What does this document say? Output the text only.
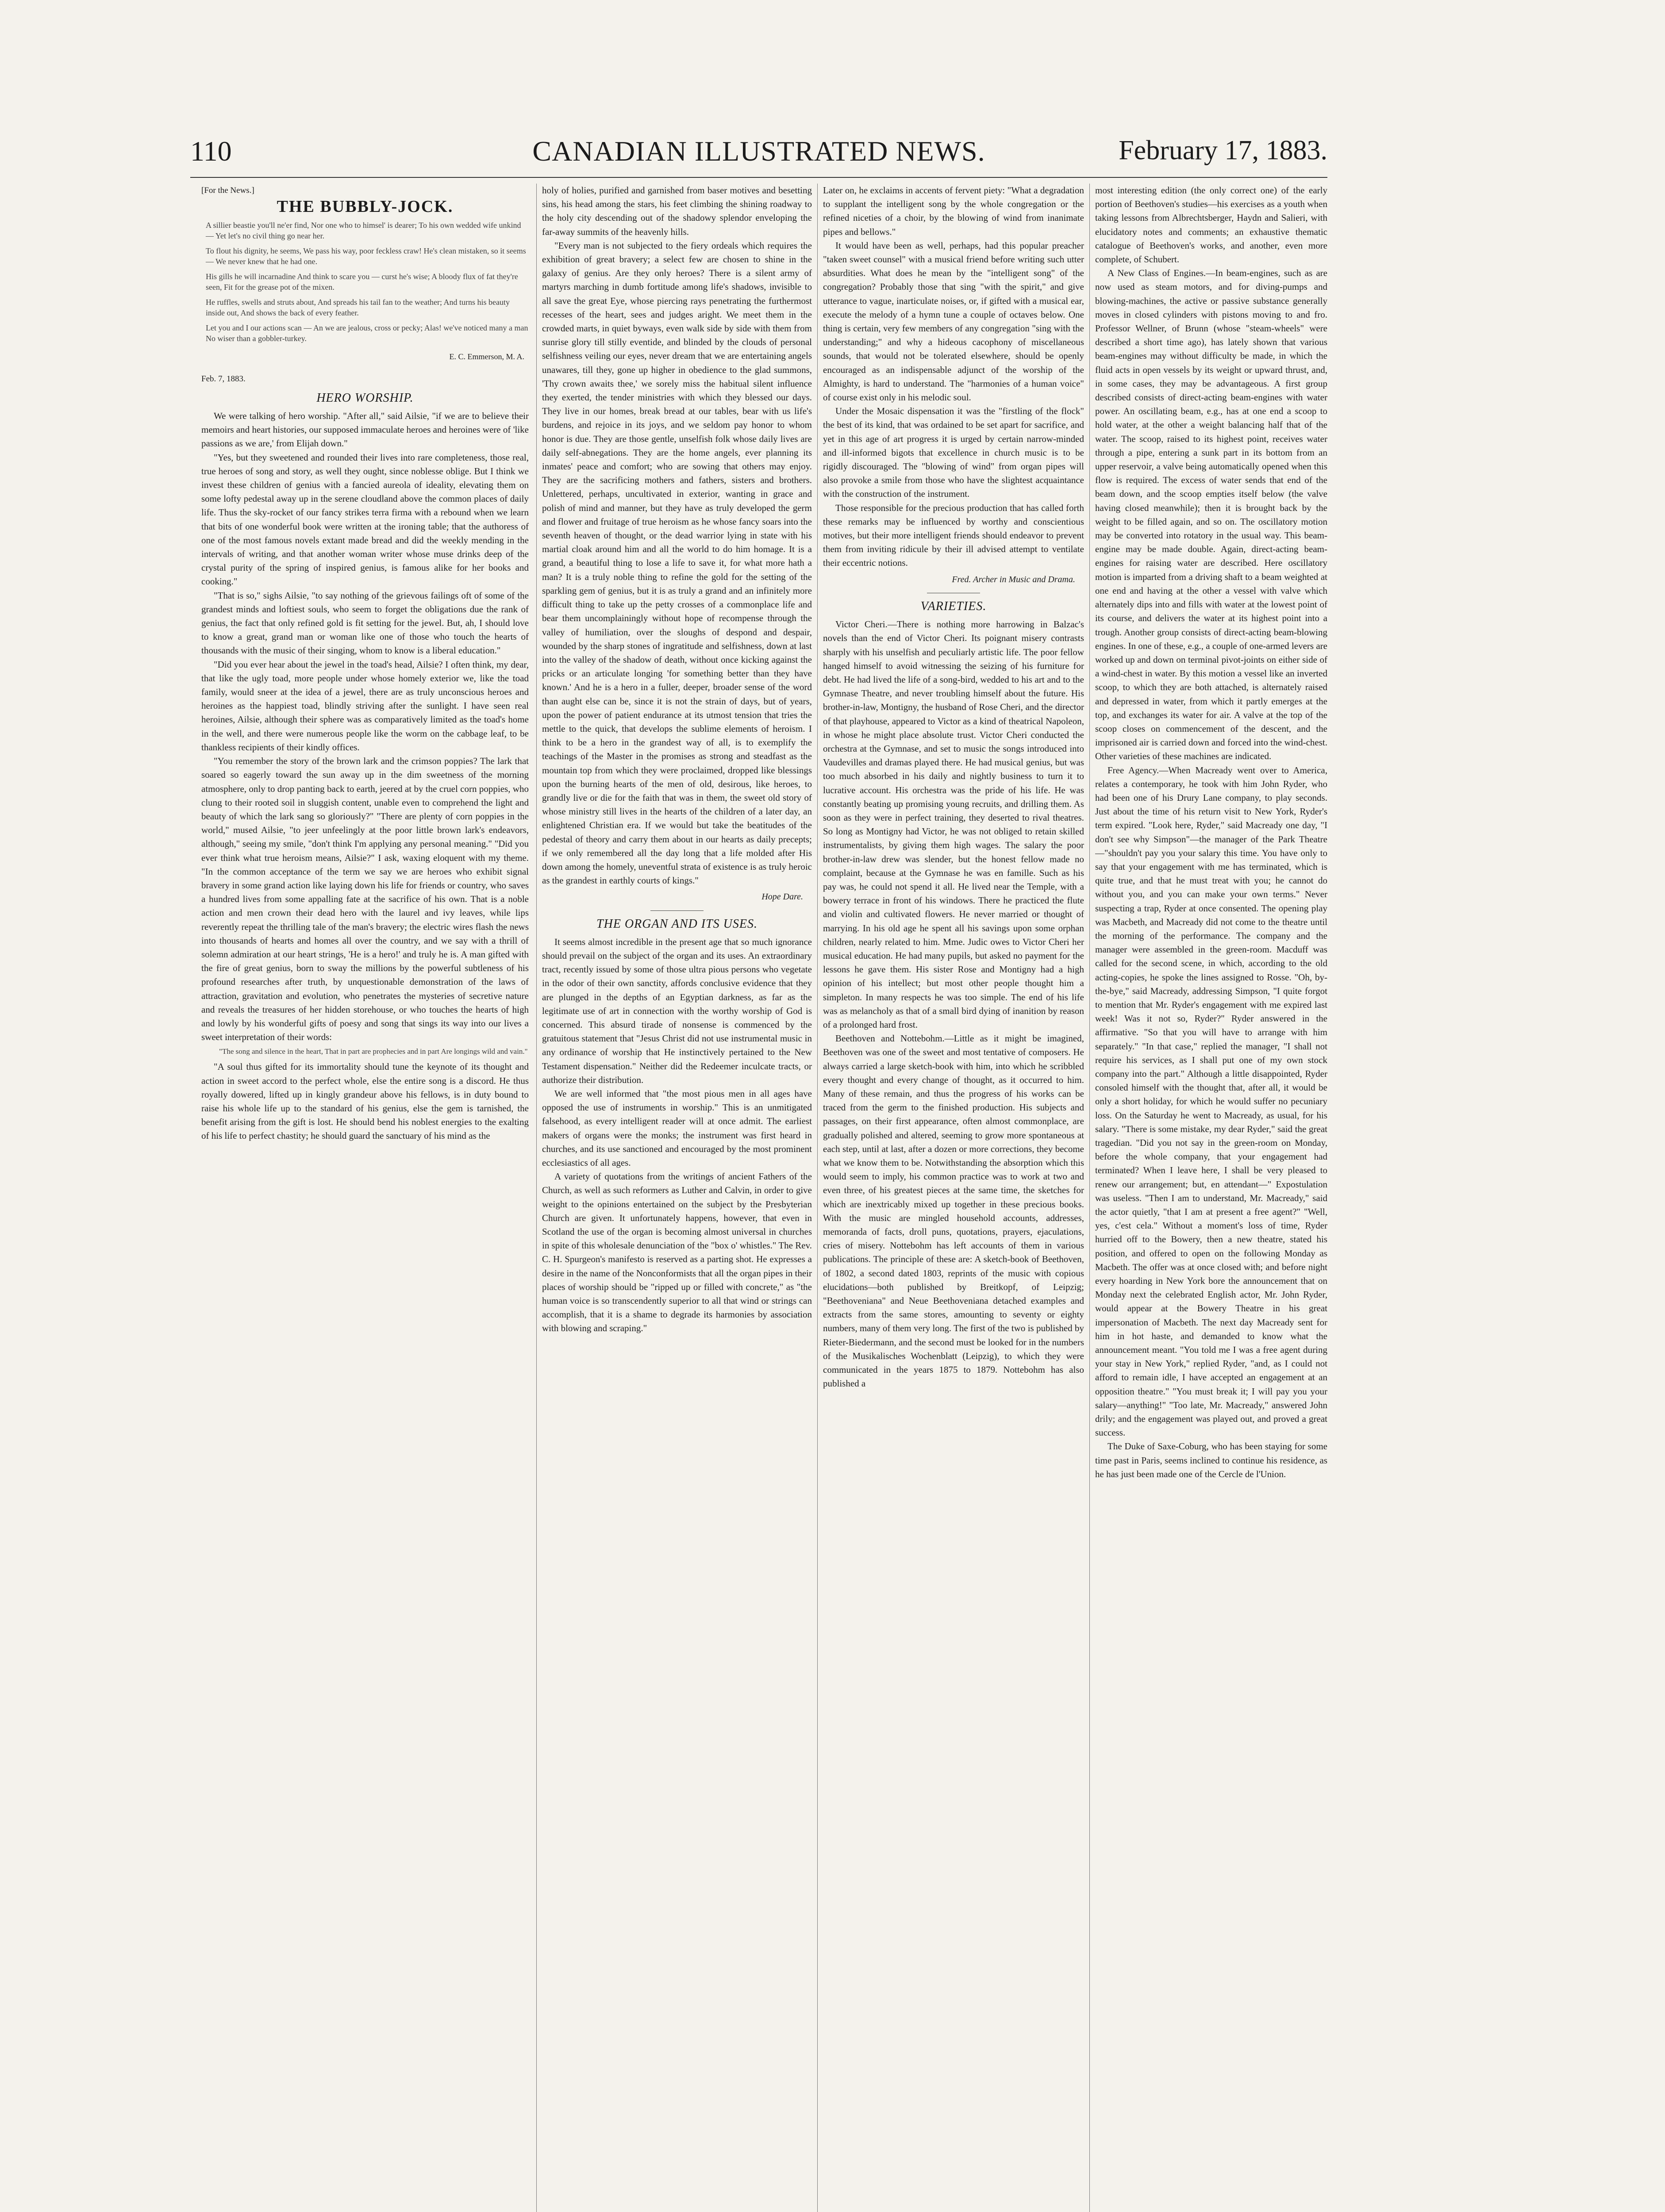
110	CANADIAN ILLUSTRATED NEWS.	February 17, 1883.
[For the News.]
THE BUBBLY-JOCK.
A sillier beastie you'll ne'er find, Nor one who to himsel' is dearer; To his own wedded wife unkind — Yet let's no civil thing go near her.
To flout his dignity, he seems, We pass his way, poor feckless craw! He's clean mistaken, so it seems — We never knew that he had one.
His gills he will incarnadine And think to scare you — curst he's wise; A bloody flux of fat they're seen, Fit for the grease pot of the mixen.
He ruffles, swells and struts about, And spreads his tail fan to the weather; And turns his beauty inside out, And shows the back of every feather.
Let you and I our actions scan — An we are jealous, cross or pecky; Alas! we've noticed many a man No wiser than a gobbler-turkey.
E. C. Emmerson, M. A.
Feb. 7, 1883.
HERO WORSHIP.

We were talking of hero worship. "After all," said Ailsie, "if we are to believe their memoirs and heart histories, our supposed immaculate heroes and heroines were of 'like passions as we are,' from Elijah down."

"Yes, but they sweetened and rounded their lives into rare completeness, those real, true heroes of song and story, as well they ought, since noblesse oblige. But I think we invest these children of genius with a fancied aureola of ideality, elevating them on some lofty pedestal away up in the serene cloudland above the common places of daily life. Thus the sky-rocket of our fancy strikes terra firma with a rebound when we learn that bits of one wonderful book were written at the ironing table; that the authoress of one of the most famous novels extant made bread and did the weekly mending in the intervals of writing, and that another woman writer whose muse drinks deep of the crystal purity of the spring of inspired genius, is famous alike for her books and cooking."

"That is so," sighs Ailsie, "to say nothing of the grievous failings oft of some of the grandest minds and loftiest souls, who seem to forget the obligations due the rank of genius, the fact that only refined gold is fit setting for the jewel. But, ah, I should love to know a great, grand man or woman like one of those who touch the hearts of thousands with the music of their singing, whom to know is a liberal education."

"Did you ever hear about the jewel in the toad's head, Ailsie? I often think, my dear, that like the ugly toad, more people under whose homely exterior we, like the toad family, would sneer at the idea of a jewel, there are as truly unconscious heroes and heroines as the happiest toad, blindly striving after the sunlight. I have seen real heroines, Ailsie, although their sphere was as comparatively limited as the toad's home in the well, and there were numerous people like the worm on the cabbage leaf, to be thankless recipients of their kindly offices.

"You remember the story of the brown lark and the crimson poppies? The lark that soared so eagerly toward the sun away up in the dim sweetness of the morning atmosphere, only to drop panting back to earth, jeered at by the cruel corn poppies, who clung to their rooted soil in sluggish content, unable even to comprehend the light and beauty of which the lark sang so gloriously?" "There are plenty of corn poppies in the world," mused Ailsie, "to jeer unfeelingly at the poor little brown lark's endeavors, although," seeing my smile, "don't think I'm applying any personal meaning." "Did you ever think what true heroism means, Ailsie?" I ask, waxing eloquent with my theme. "In the common acceptance of the term we say we are heroes who exhibit signal bravery in some grand action like laying down his life for friends or country, who saves a hundred lives from some appalling fate at the sacrifice of his own. That is a noble action and men crown their dead hero with the laurel and ivy leaves, while lips reverently repeat the thrilling tale of the man's bravery; the electric wires flash the news into thousands of hearts and homes all over the country, and we say with a thrill of solemn admiration at our heart strings, 'He is a hero!' and truly he is. A man gifted with the fire of great genius, born to sway the millions by the powerful subtleness of his profound researches after truth, by unquestionable demonstration of the laws of attraction, gravitation and evolution, who penetrates the mysteries of secretive nature and reveals the treasures of her hidden storehouse, or who touches the hearts of high and lowly by his wonderful gifts of poesy and song that sings its way into our lives a sweet interpretation of their words:

"The song and silence in the heart, That in part are prophecies and in part Are longings wild and vain."

"A soul thus gifted for its immortality should tune the keynote of its thought and action in sweet accord to the perfect whole, else the entire song is a discord. He thus royally dowered, lifted up in kingly grandeur above his fellows, is in duty bound to raise his whole life up to the standard of his genius, else the gem is tarnished, the benefit arising from the gift is lost. He should bend his noblest energies to the exalting of his life to perfect chastity; he should guard the sanctuary of his mind as the

holy of holies, purified and garnished from baser motives and besetting sins, his head among the stars, his feet climbing the shining roadway to the holy city descending out of the shadowy splendor enveloping the far-away summits of the heavenly hills.

"Every man is not subjected to the fiery ordeals which requires the exhibition of great bravery; a select few are chosen to shine in the galaxy of genius. Are they only heroes? There is a silent army of martyrs marching in dumb fortitude among life's shadows, invisible to all save the great Eye, whose piercing rays penetrating the furthermost recesses of the heart, sees and judges aright. We meet them in the crowded marts, in quiet byways, even walk side by side with them from sunrise glory till stilly eventide, and blinded by the clouds of personal selfishness veiling our eyes, never dream that we are entertaining angels unawares, till they, gone up higher in obedience to the glad summons, 'Thy crown awaits thee,' we sorely miss the habitual silent influence they exerted, the tender ministries with which they blessed our days. They live in our homes, break bread at our tables, bear with us life's burdens, and rejoice in its joys, and we seldom pay honor to whom honor is due. They are those gentle, unselfish folk whose daily lives are daily self-abnegations. They are the home angels, ever planning its inmates' peace and comfort; who are sowing that others may enjoy. They are the sacrificing mothers and fathers, sisters and brothers. Unlettered, perhaps, uncultivated in exterior, wanting in grace and polish of mind and manner, but they have as truly developed the germ and flower and fruitage of true heroism as he whose fancy soars into the seventh heaven of thought, or the dead warrior lying in state with his martial cloak around him and all the world to do him homage. It is a grand, a beautiful thing to lose a life to save it, for what more hath a man? It is a truly noble thing to refine the gold for the setting of the sparkling gem of genius, but it is as truly a grand and an infinitely more difficult thing to take up the petty crosses of a commonplace life and bear them uncomplainingly without hope of recompense through the valley of humiliation, over the sloughs of despond and despair, wounded by the sharp stones of ingratitude and selfishness, down at last into the valley of the shadow of death, without once kicking against the pricks or an articulate longing 'for something better than they have known.' And he is a hero in a fuller, deeper, broader sense of the word than aught else can be, since it is not the strain of days, but of years, upon the power of patient endurance at its utmost tension that tries the mettle to the quick, that develops the sublime elements of heroism. I think to be a hero in the grandest way of all, is to exemplify the teachings of the Master in the promises as strong and steadfast as the mountain top from which they were proclaimed, dropped like blessings upon the burning hearts of the men of old, desirous, like heroes, to grandly live or die for the faith that was in them, the sweet old story of whose ministry still lives in the hearts of the children of a later day, an enlightened Christian era. If we would but take the beatitudes of the pedestal of theory and carry them about in our hearts as daily precepts; if we only remembered all the day long that a life molded after His down among the homely, uneventful strata of existence is as truly heroic as the grandest in earthly courts of kings."

Hope Dare.
THE ORGAN AND ITS USES.

It seems almost incredible in the present age that so much ignorance should prevail on the subject of the organ and its uses. An extraordinary tract, recently issued by some of those ultra pious persons who vegetate in the odor of their own sanctity, affords conclusive evidence that they are plunged in the depths of an Egyptian darkness, as far as the legitimate use of art in connection with the worthy worship of God is concerned. This absurd tirade of nonsense is commenced by the gratuitous statement that "Jesus Christ did not use instrumental music in any ordinance of worship that He instinctively pertained to the New Testament dispensation." Neither did the Redeemer inculcate tracts, or authorize their distribution.

We are well informed that "the most pious men in all ages have opposed the use of instruments in worship." This is an unmitigated falsehood, as every intelligent reader will at once admit. The earliest makers of organs were the monks; the instrument was first heard in churches, and its use sanctioned and encouraged by the most prominent ecclesiastics of all ages.

A variety of quotations from the writings of ancient Fathers of the Church, as well as such reformers as Luther and Calvin, in order to give weight to the opinions entertained on the subject by the Presbyterian Church are given. It unfortunately happens, however, that even in Scotland the use of the organ is becoming almost universal in churches in spite of this wholesale denunciation of the "box o' whistles." The Rev. C. H. Spurgeon's manifesto is reserved as a parting shot. He expresses a desire in the name of the Nonconformists that all the organ pipes in their places of worship should be "ripped up or filled with concrete," as "the human voice is so transcendently superior to all that wind or strings can accomplish, that it is a shame to degrade its harmonies by association with blowing and scraping."

Later on, he exclaims in accents of fervent piety: "What a degradation to supplant the intelligent song by the whole congregation or the refined niceties of a choir, by the blowing of wind from inanimate pipes and bellows."

It would have been as well, perhaps, had this popular preacher "taken sweet counsel" with a musical friend before writing such utter absurdities. What does he mean by the "intelligent song" of the congregation? Probably those that sing "with the spirit," and give utterance to vague, inarticulate noises, or, if gifted with a musical ear, execute the melody of a hymn tune a couple of octaves below. One thing is certain, very few members of any congregation "sing with the understanding;" and why a hideous cacophony of miscellaneous sounds, that would not be tolerated elsewhere, should be openly encouraged as an indispensable adjunct of the worship of the Almighty, is hard to understand. The "harmonies of a human voice" of course exist only in his melodic soul.

Under the Mosaic dispensation it was the "firstling of the flock" the best of its kind, that was ordained to be set apart for sacrifice, and yet in this age of art progress it is urged by certain narrow-minded and ill-informed bigots that excellence in church music is to be rigidly discouraged. The "blowing of wind" from organ pipes will also provoke a smile from those who have the slightest acquaintance with the construction of the instrument.

Those responsible for the precious production that has called forth these remarks may be influenced by worthy and conscientious motives, but their more intelligent friends should endeavor to prevent them from inviting ridicule by their ill advised attempt to ventilate their eccentric notions.

Fred. Archer in Music and Drama.
VARIETIES.

Victor Cheri.—There is nothing more harrowing in Balzac's novels than the end of Victor Cheri. Its poignant misery contrasts sharply with his unselfish and peculiarly artistic life. The poor fellow hanged himself to avoid witnessing the seizing of his furniture for debt. He had lived the life of a song-bird, wedded to his art and to the Gymnase Theatre, and never troubling himself about the future. His brother-in-law, Montigny, the husband of Rose Cheri, and the director of that playhouse, appeared to Victor as a kind of theatrical Napoleon, in whose he might place absolute trust. Victor Cheri conducted the orchestra at the Gymnase, and set to music the songs introduced into Vaudevilles and dramas played there. He had musical genius, but was too much absorbed in his daily and nightly business to turn it to lucrative account. His orchestra was the pride of his life. He was constantly beating up promising young recruits, and drilling them. As soon as they were in perfect training, they deserted to rival theatres. So long as Montigny had Victor, he was not obliged to retain skilled instrumentalists, by giving them high wages. The salary the poor brother-in-law drew was slender, but the honest fellow made no complaint, because at the Gymnase he was en famille. Such as his pay was, he could not spend it all. He lived near the Temple, with a bowery terrace in front of his windows. There he practiced the flute and violin and cultivated flowers. He never married or thought of marrying. In his old age he spent all his savings upon some orphan children, nearly related to him. Mme. Judic owes to Victor Cheri her musical education. He had many pupils, but asked no payment for the lessons he gave them. His sister Rose and Montigny had a high opinion of his intellect; but most other people thought him a simpleton. In many respects he was too simple. The end of his life was as melancholy as that of a small bird dying of inanition by reason of a prolonged hard frost.

Beethoven and Nottebohm.—Little as it might be imagined, Beethoven was one of the sweet and most tentative of composers. He always carried a large sketch-book with him, into which he scribbled every thought and every change of thought, as it occurred to him. Many of these remain, and thus the progress of his works can be traced from the germ to the finished production. His subjects and passages, on their first appearance, often almost commonplace, are gradually polished and altered, seeming to grow more spontaneous at each step, until at last, after a dozen or more corrections, they become what we know them to be. Notwithstanding the absorption which this would seem to imply, his common practice was to work at two and even three, of his greatest pieces at the same time, the sketches for which are inextricably mixed up together in these precious books. With the music are mingled household accounts, addresses, memoranda of facts, droll puns, quotations, prayers, ejaculations, cries of misery. Nottebohm has left accounts of them in various publications. The principle of these are: A sketch-book of Beethoven, of 1802, a second dated 1803, reprints of the music with copious elucidations—both published by Breitkopf, of Leipzig; "Beethoveniana" and Neue Beethoveniana detached examples and extracts from the same stores, amounting to seventy or eighty numbers, many of them very long. The first of the two is published by Rieter-Biedermann, and the second must be looked for in the numbers of the Musikalisches Wochenblatt (Leipzig), to which they were communicated in the years 1875 to 1879. Nottebohm has also published a

most interesting edition (the only correct one) of the early portion of Beethoven's studies—his exercises as a youth when taking lessons from Albrechtsberger, Haydn and Salieri, with elucidatory notes and comments; an exhaustive thematic catalogue of Beethoven's works, and another, even more complete, of Schubert.

A New Class of Engines.—In beam-engines, such as are now used as steam motors, and for diving-pumps and blowing-machines, the active or passive substance generally moves in closed cylinders with pistons moving to and fro. Professor Wellner, of Brunn (whose "steam-wheels" were described a short time ago), has lately shown that various beam-engines may without difficulty be made, in which the fluid acts in open vessels by its weight or upward thrust, and, in some cases, they may be advantageous. A first group described consists of direct-acting beam-engines with water power. An oscillating beam, e.g., has at one end a scoop to hold water, at the other a weight balancing half that of the water. The scoop, raised to its highest point, receives water through a pipe, entering a sunk part in its bottom from an upper reservoir, a valve being automatically opened when this flow is required. The excess of water sends that end of the beam down, and the scoop empties itself below (the valve having closed meanwhile); then it is brought back by the weight to be filled again, and so on. The oscillatory motion may be converted into rotatory in the usual way. This beam-engine may be made double. Again, direct-acting beam-engines for raising water are described. Here oscillatory motion is imparted from a driving shaft to a beam weighted at one end and having at the other a vessel with valve which alternately dips into and fills with water at the lowest point of its course, and delivers the water at its highest point into a trough. Another group consists of direct-acting beam-blowing engines. In one of these, e.g., a couple of one-armed levers are worked up and down on terminal pivot-joints on either side of a wind-chest in water. By this motion a vessel like an inverted scoop, to which they are both attached, is alternately raised and depressed in water, from which it partly emerges at the top, and exchanges its water for air. A valve at the top of the scoop closes on commencement of the descent, and the imprisoned air is carried down and forced into the wind-chest. Other varieties of these machines are indicated.

Free Agency.—When Macready went over to America, relates a contemporary, he took with him John Ryder, who had been one of his Drury Lane company, to play seconds. Just about the time of his return visit to New York, Ryder's term expired. "Look here, Ryder," said Macready one day, "I don't see why Simpson"—the manager of the Park Theatre—"shouldn't pay you your salary this time. You have only to say that your engagement with me has terminated, which is quite true, and that he must treat with you; he cannot do without you, and you can make your own terms." Never suspecting a trap, Ryder at once consented. The opening play was Macbeth, and Macready did not come to the theatre until the morning of the performance. The company and the manager were assembled in the green-room. Macduff was called for the second scene, in which, according to the old acting-copies, he spoke the lines assigned to Rosse. "Oh, by-the-bye," said Macready, addressing Simpson, "I quite forgot to mention that Mr. Ryder's engagement with me expired last week! Was it not so, Ryder?" Ryder answered in the affirmative. "So that you will have to arrange with him separately." "In that case," replied the manager, "I shall not require his services, as I shall put one of my own stock company into the part." Although a little disappointed, Ryder consoled himself with the thought that, after all, it would be only a short holiday, for which he would suffer no pecuniary loss. On the Saturday he went to Macready, as usual, for his salary. "There is some mistake, my dear Ryder," said the great tragedian. "Did you not say in the green-room on Monday, before the whole company, that your engagement had terminated? When I leave here, I shall be very pleased to renew our arrangement; but, en attendant—" Expostulation was useless. "Then I am to understand, Mr. Macready," said the actor quietly, "that I am at present a free agent?" "Well, yes, c'est cela." Without a moment's loss of time, Ryder hurried off to the Bowery, then a new theatre, stated his position, and offered to open on the following Monday as Macbeth. The offer was at once closed with; and before night every hoarding in New York bore the announcement that on Monday next the celebrated English actor, Mr. John Ryder, would appear at the Bowery Theatre in his great impersonation of Macbeth. The next day Macready sent for him in hot haste, and demanded to know what the announcement meant. "You told me I was a free agent during your stay in New York," replied Ryder, "and, as I could not afford to remain idle, I have accepted an engagement at an opposition theatre." "You must break it; I will pay you your salary—anything!" "Too late, Mr. Macready," answered John drily; and the engagement was played out, and proved a great success.

The Duke of Saxe-Coburg, who has been staying for some time past in Paris, seems inclined to continue his residence, as he has just been made one of the Cercle de l'Union.
